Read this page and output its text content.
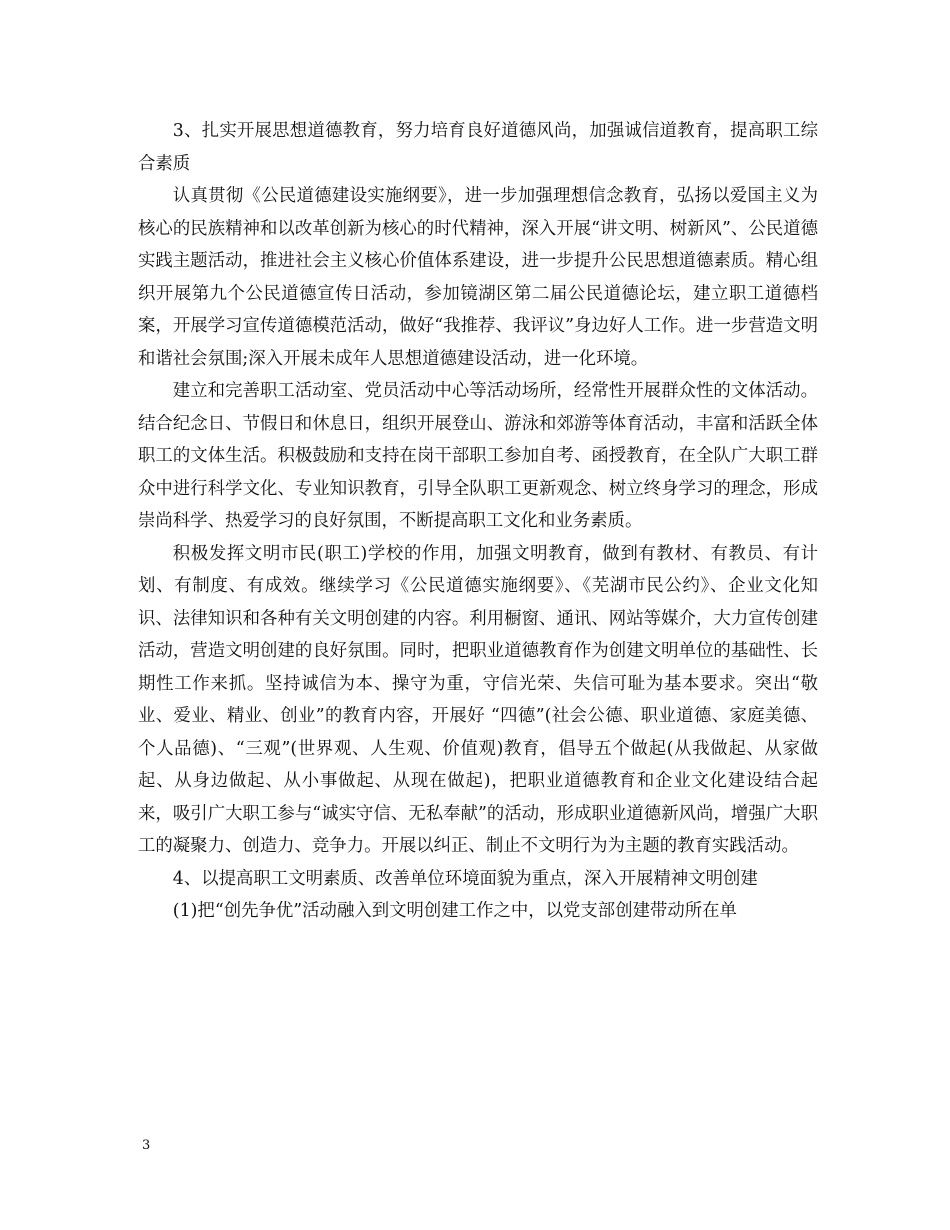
3、扎实开展思想道德教育，努力培育良好道德风尚，加强诚信道教育，提高职工综合素质

认真贯彻《公民道德建设实施纲要》，进一步加强理想信念教育，弘扬以爱国主义为核心的民族精神和以改革创新为核心的时代精神，深入开展“讲文明、树新风”、公民道德实践主题活动，推进社会主义核心价值体系建设，进一步提升公民思想道德素质。精心组织开展第九个公民道德宣传日活动，参加镜湖区第二届公民道德论坛，建立职工道德档案，开展学习宣传道德模范活动，做好“我推荐、我评议”身边好人工作。进一步营造文明和谐社会氛围;深入开展未成年人思想道德建设活动，进一化环境。

建立和完善职工活动室、党员活动中心等活动场所，经常性开展群众性的文体活动。结合纪念日、节假日和休息日，组织开展登山、游泳和郊游等体育活动，丰富和活跃全体职工的文体生活。积极鼓励和支持在岗干部职工参加自考、函授教育，在全队广大职工群众中进行科学文化、专业知识教育，引导全队职工更新观念、树立终身学习的理念，形成崇尚科学、热爱学习的良好氛围，不断提高职工文化和业务素质。

积极发挥文明市民(职工)学校的作用，加强文明教育，做到有教材、有教员、有计划、有制度、有成效。继续学习《公民道德实施纲要》、《芜湖市民公约》、企业文化知识、法律知识和各种有关文明创建的内容。利用橱窗、通讯、网站等媒介，大力宣传创建活动，营造文明创建的良好氛围。同时，把职业道德教育作为创建文明单位的基础性、长期性工作来抓。坚持诚信为本、操守为重，守信光荣、失信可耻为基本要求。突出“敬业、爱业、精业、创业”的教育内容，开展好 “四德”(社会公德、职业道德、家庭美德、个人品德)、“三观”(世界观、人生观、价值观)教育，倡导五个做起(从我做起、从家做起、从身边做起、从小事做起、从现在做起)，把职业道德教育和企业文化建设结合起来，吸引广大职工参与“诚实守信、无私奉献”的活动，形成职业道德新风尚，增强广大职工的凝聚力、创造力、竞争力。开展以纠正、制止不文明行为为主题的教育实践活动。

4、以提高职工文明素质、改善单位环境面貌为重点，深入开展精神文明创建

(1)把“创先争优”活动融入到文明创建工作之中，以党支部创建带动所在单

3
